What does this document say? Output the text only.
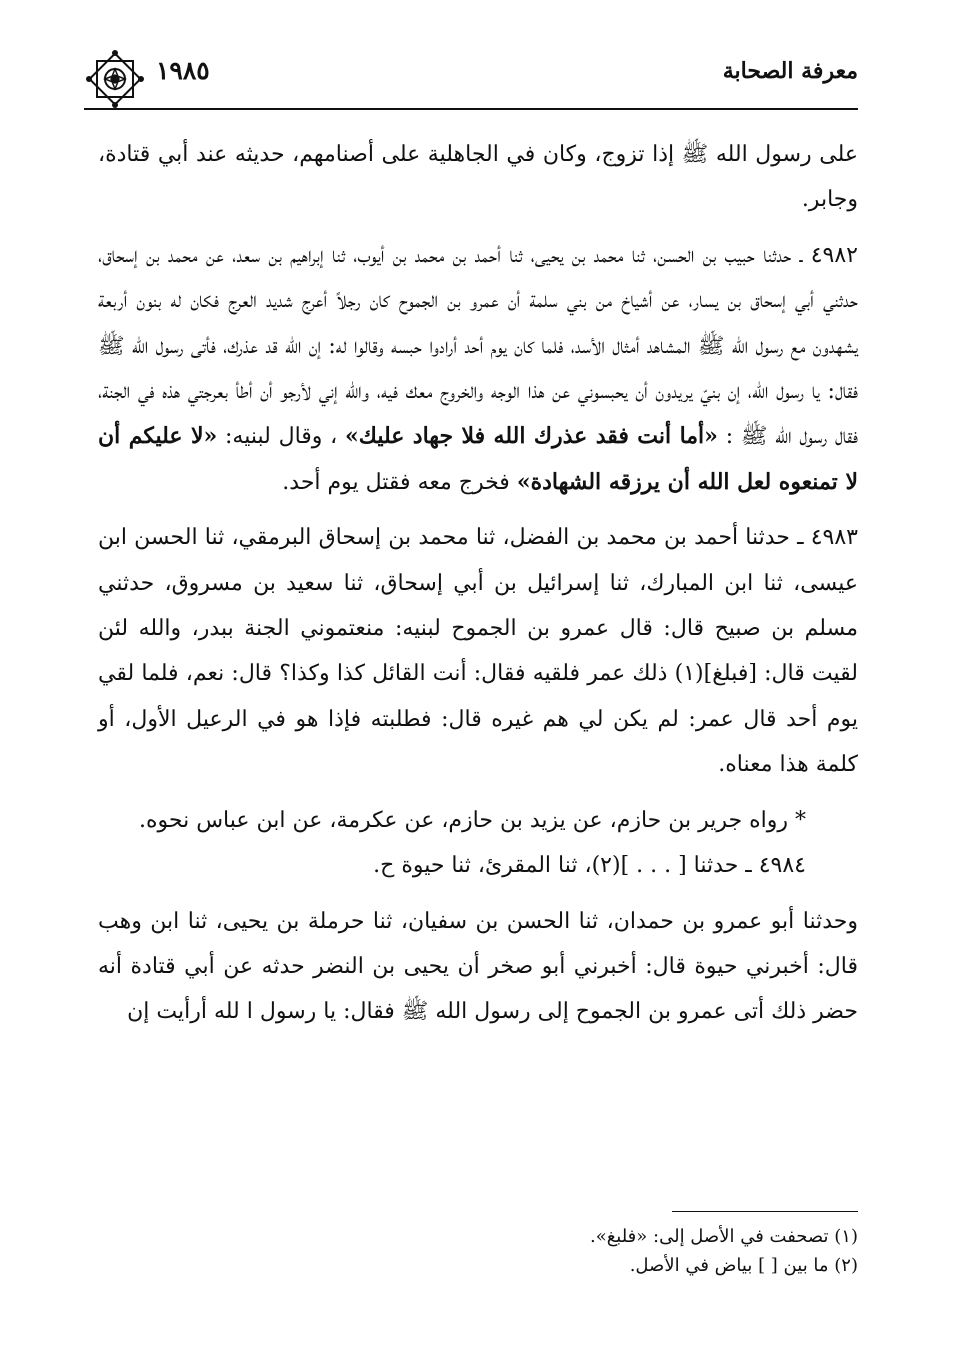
معرفة الصحابة
١٩٨٥

على رسول الله ﷺ إذا تزوج، وكان في الجاهلية على أصنامهم، حديثه عند أبي قتادة، وجابر.

٤٩٨٢ ـ حدثنا حبيب بن الحسن، ثنا محمد بن يحيى، ثنا أحمد بن محمد بن أيوب، ثنا إبراهيم بن سعد، عن محمد بن إسحاق، حدثني أبي إسحاق بن يسار، عن أشياخ من بني سلمة أن عمرو بن الجموح كان رجلاً أعرج شديد العرج فكان له بنون أربعة يشهدون مع رسول الله ﷺ المشاهد أمثال الأسد، فلما كان يوم أحد أرادوا حبسه وقالوا له: إن الله قد عذرك، فأتى رسول الله ﷺ فقال: يا رسول الله، إن بنيّ يريدون أن يحبسوني عن هذا الوجه والخروج معك فيه، والله إني لأرجو أن أطأ بعرجتي هذه في الجنة، فقال رسول الله ﷺ : «أما أنت فقد عذرك الله فلا جهاد عليك» ، وقال لبنيه: «لا عليكم أن لا تمنعوه لعل الله أن يرزقه الشهادة» فخرج معه فقتل يوم أحد.

٤٩٨٣ ـ حدثنا أحمد بن محمد بن الفضل، ثنا محمد بن إسحاق البرمقي، ثنا الحسن ابن عيسى، ثنا ابن المبارك، ثنا إسرائيل بن أبي إسحاق، ثنا سعيد بن مسروق، حدثني مسلم بن صبيح قال: قال عمرو بن الجموح لبنيه: منعتموني الجنة ببدر، والله لئن لقيت قال: [فبلغ](١) ذلك عمر فلقيه فقال: أنت القائل كذا وكذا؟ قال: نعم، فلما لقي يوم أحد قال عمر: لم يكن لي هم غيره قال: فطلبته فإذا هو في الرعيل الأول، أو كلمة هذا معناه.

* رواه جرير بن حازم، عن يزيد بن حازم، عن عكرمة، عن ابن عباس نحوه.

٤٩٨٤ ـ حدثنا [ . . . ](٢)، ثنا المقرئ، ثنا حيوة ح.

وحدثنا أبو عمرو بن حمدان، ثنا الحسن بن سفيان، ثنا حرملة بن يحيى، ثنا ابن وهب قال: أخبرني حيوة قال: أخبرني أبو صخر أن يحيى بن النضر حدثه عن أبي قتادة أنه حضر ذلك أتى عمرو بن الجموح إلى رسول الله ﷺ فقال: يا رسول ا لله أرأيت إن

(١) تصحفت في الأصل إلى: «فلبغ».

(٢) ما بين [ ] بياض في الأصل.
